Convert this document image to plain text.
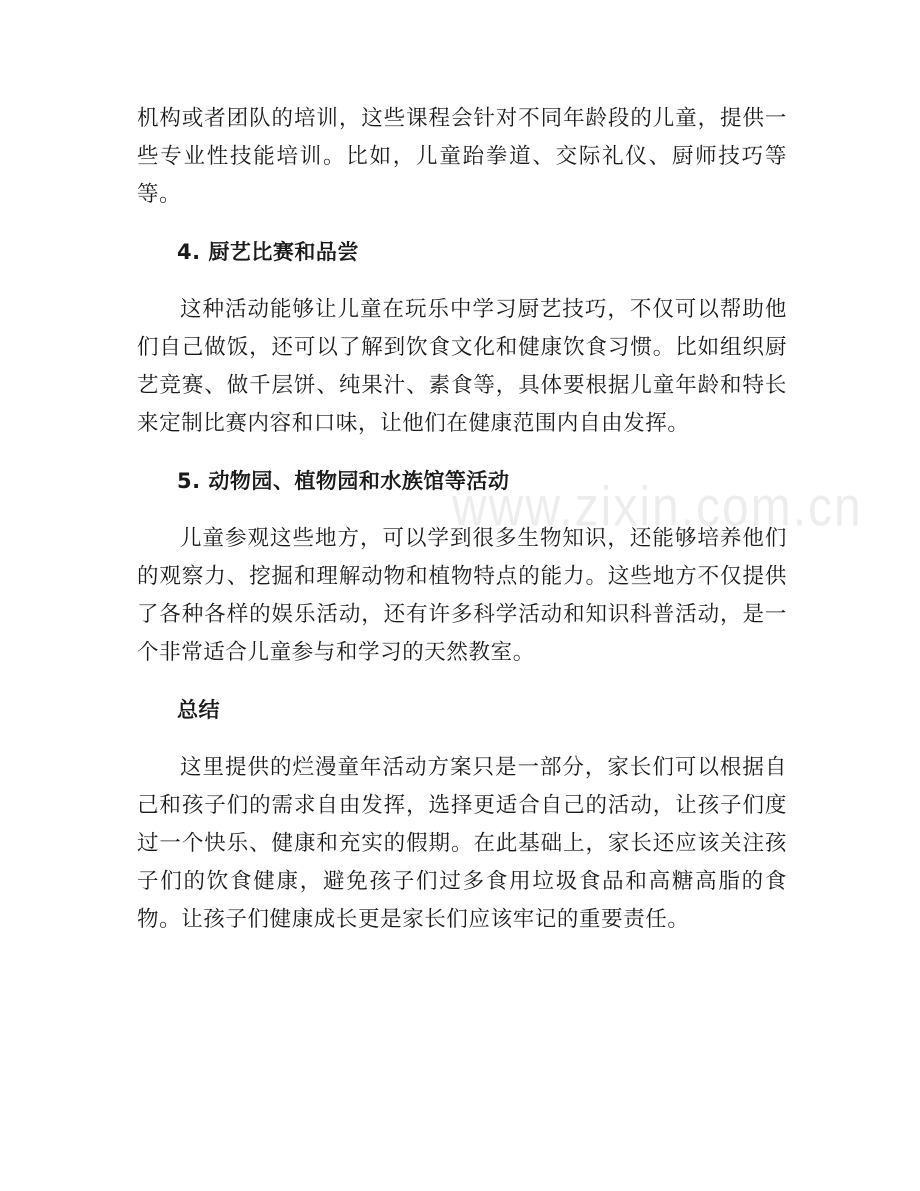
机构或者团队的培训，这些课程会针对不同年龄段的儿童，提供一些专业性技能培训。比如，儿童跆拳道、交际礼仪、厨师技巧等等。

4. 厨艺比赛和品尝

这种活动能够让儿童在玩乐中学习厨艺技巧，不仅可以帮助他们自己做饭，还可以了解到饮食文化和健康饮食习惯。比如组织厨艺竞赛、做千层饼、纯果汁、素食等，具体要根据儿童年龄和特长来定制比赛内容和口味，让他们在健康范围内自由发挥。

5. 动物园、植物园和水族馆等活动

儿童参观这些地方，可以学到很多生物知识，还能够培养他们的观察力、挖掘和理解动物和植物特点的能力。这些地方不仅提供了各种各样的娱乐活动，还有许多科学活动和知识科普活动，是一个非常适合儿童参与和学习的天然教室。

总结

这里提供的烂漫童年活动方案只是一部分，家长们可以根据自己和孩子们的需求自由发挥，选择更适合自己的活动，让孩子们度过一个快乐、健康和充实的假期。在此基础上，家长还应该关注孩子们的饮食健康，避免孩子们过多食用垃圾食品和高糖高脂的食物。让孩子们健康成长更是家长们应该牢记的重要责任。

www.zixin.com.cn
